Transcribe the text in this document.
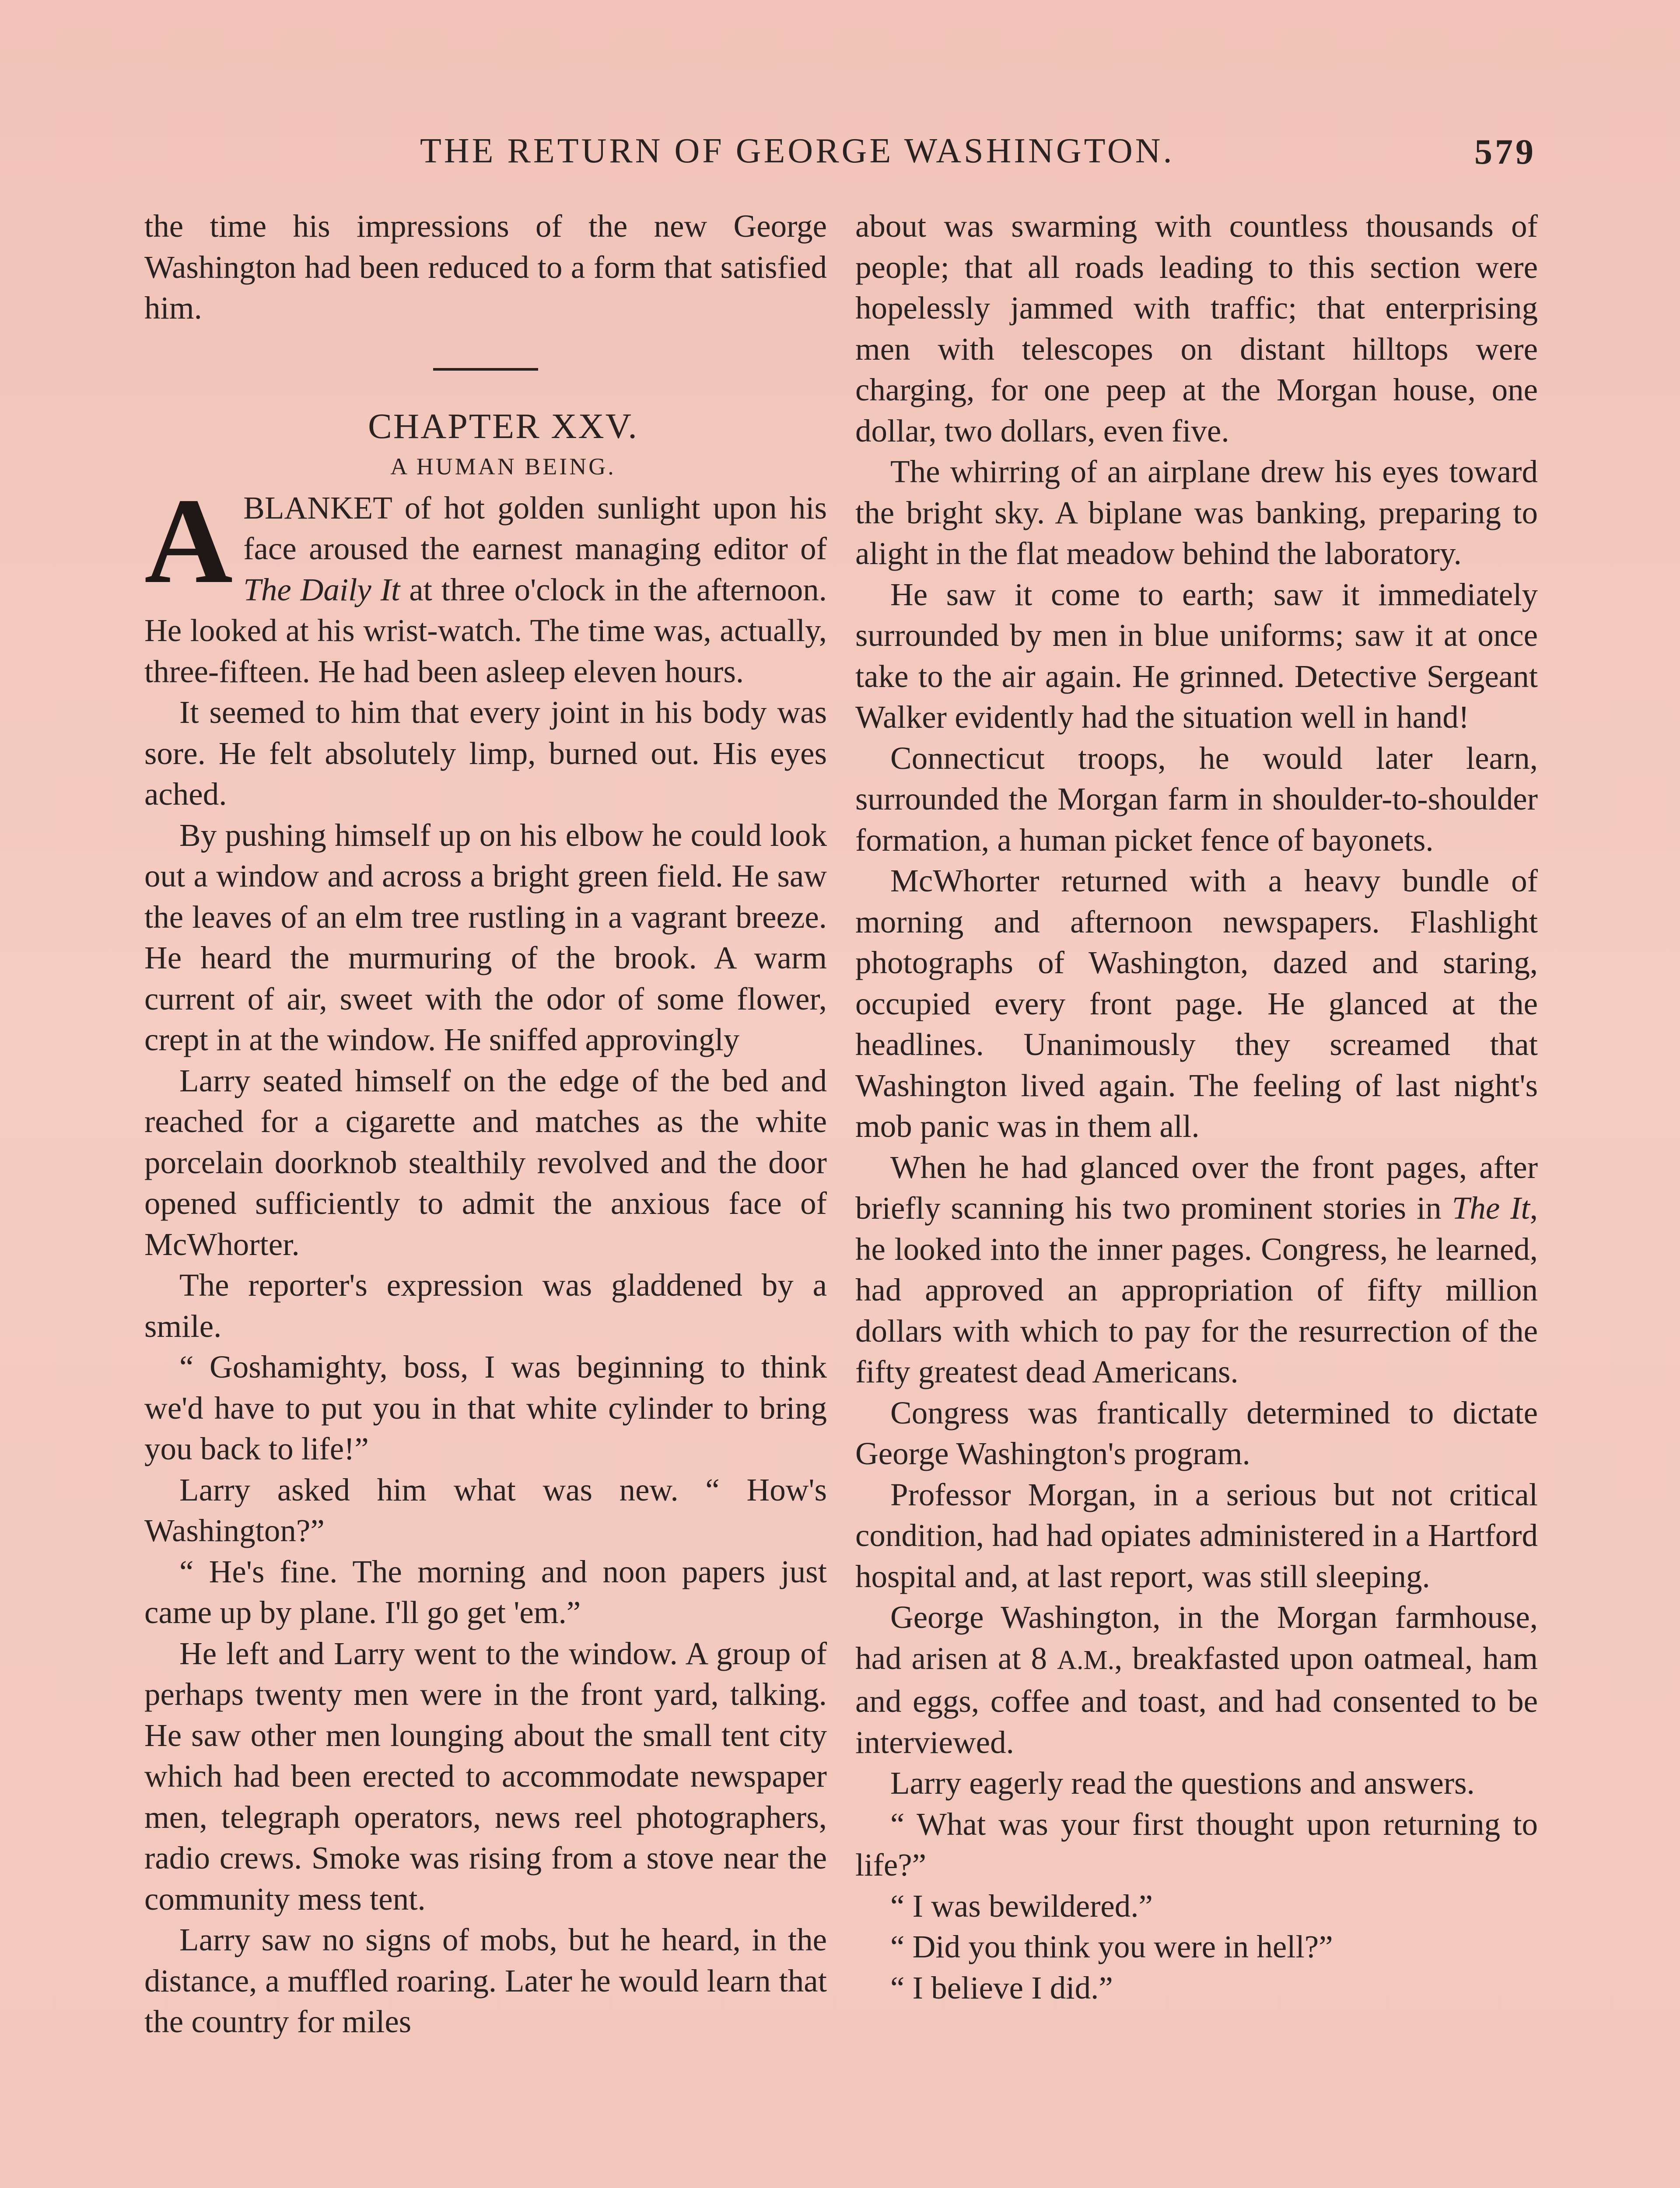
THE RETURN OF GEORGE WASHINGTON.	579

the time his impressions of the new George Washington had been reduced to a form that satisfied him.

CHAPTER XXV.

A HUMAN BEING.

ABLANKET of hot golden sunlight upon his face aroused the earnest managing editor of The Daily It at three o'clock in the afternoon. He looked at his wrist-watch. The time was, actually, three-fifteen. He had been asleep eleven hours.

It seemed to him that every joint in his body was sore. He felt absolutely limp, burned out. His eyes ached.

By pushing himself up on his elbow he could look out a window and across a bright green field. He saw the leaves of an elm tree rustling in a vagrant breeze. He heard the murmuring of the brook. A warm current of air, sweet with the odor of some flower, crept in at the window. He sniffed approvingly

Larry seated himself on the edge of the bed and reached for a cigarette and matches as the white porcelain doorknob stealthily revolved and the door opened sufficiently to admit the anxious face of McWhorter.

The reporter's expression was gladdened by a smile.

“ Goshamighty, boss, I was beginning to think we'd have to put you in that white cylinder to bring you back to life!”

Larry asked him what was new. “ How's Washington?”

“ He's fine. The morning and noon papers just came up by plane. I'll go get 'em.”

He left and Larry went to the window. A group of perhaps twenty men were in the front yard, talking. He saw other men lounging about the small tent city which had been erected to accommodate newspaper men, telegraph operators, news reel photographers, radio crews. Smoke was rising from a stove near the community mess tent.

Larry saw no signs of mobs, but he heard, in the distance, a muffled roaring. Later he would learn that the country for miles

about was swarming with countless thousands of people; that all roads leading to this section were hopelessly jammed with traffic; that enterprising men with telescopes on distant hilltops were charging, for one peep at the Morgan house, one dollar, two dollars, even five.

The whirring of an airplane drew his eyes toward the bright sky. A biplane was banking, preparing to alight in the flat meadow behind the laboratory.

He saw it come to earth; saw it immediately surrounded by men in blue uniforms; saw it at once take to the air again. He grinned. Detective Sergeant Walker evidently had the situation well in hand!

Connecticut troops, he would later learn, surrounded the Morgan farm in shoulder-to-shoulder formation, a human picket fence of bayonets.

McWhorter returned with a heavy bundle of morning and afternoon newspapers. Flashlight photographs of Washington, dazed and staring, occupied every front page. He glanced at the headlines. Unanimously they screamed that Washington lived again. The feeling of last night's mob panic was in them all.

When he had glanced over the front pages, after briefly scanning his two prominent stories in The It, he looked into the inner pages. Congress, he learned, had approved an appropriation of fifty million dollars with which to pay for the resurrection of the fifty greatest dead Americans.

Congress was frantically determined to dictate George Washington's program.

Professor Morgan, in a serious but not critical condition, had had opiates administered in a Hartford hospital and, at last report, was still sleeping.

George Washington, in the Morgan farmhouse, had arisen at 8 A.M., breakfasted upon oatmeal, ham and eggs, coffee and toast, and had consented to be interviewed.

Larry eagerly read the questions and answers.

“ What was your first thought upon returning to life?”

“ I was bewildered.”

“ Did you think you were in hell?”

“ I believe I did.”
